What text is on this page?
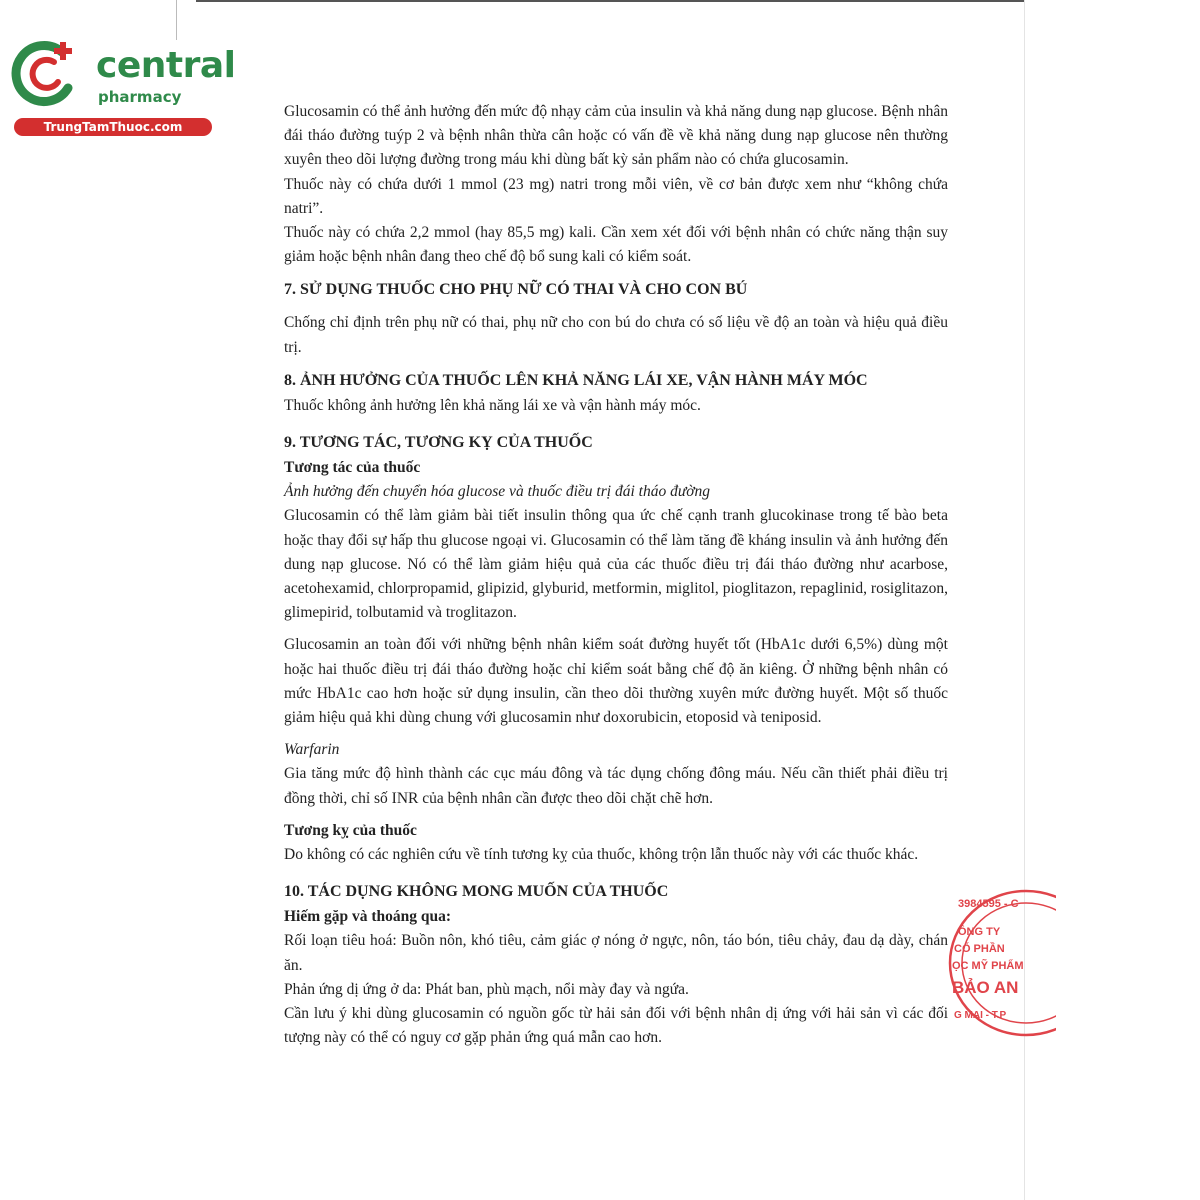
central
pharmacy
TrungTamThuoc.com

Glucosamin có thể ảnh hưởng đến mức độ nhạy cảm của insulin và khả năng dung nạp glucose. Bệnh nhân đái tháo đường tuýp 2 và bệnh nhân thừa cân hoặc có vấn đề về khả năng dung nạp glucose nên thường xuyên theo dõi lượng đường trong máu khi dùng bất kỳ sản phẩm nào có chứa glucosamin.

Thuốc này có chứa dưới 1 mmol (23 mg) natri trong mỗi viên, về cơ bản được xem như “không chứa natri”.

Thuốc này có chứa 2,2 mmol (hay 85,5 mg) kali. Cần xem xét đối với bệnh nhân có chức năng thận suy giảm hoặc bệnh nhân đang theo chế độ bổ sung kali có kiểm soát.

7. SỬ DỤNG THUỐC CHO PHỤ NỮ CÓ THAI VÀ CHO CON BÚ

Chống chỉ định trên phụ nữ có thai, phụ nữ cho con bú do chưa có số liệu về độ an toàn và hiệu quả điều trị.

8. ẢNH HƯỞNG CỦA THUỐC LÊN KHẢ NĂNG LÁI XE, VẬN HÀNH MÁY MÓC

Thuốc không ảnh hưởng lên khả năng lái xe và vận hành máy móc.

9. TƯƠNG TÁC, TƯƠNG KỴ CỦA THUỐC

Tương tác của thuốc

Ảnh hưởng đến chuyển hóa glucose và thuốc điều trị đái tháo đường

Glucosamin có thể làm giảm bài tiết insulin thông qua ức chế cạnh tranh glucokinase trong tế bào beta hoặc thay đổi sự hấp thu glucose ngoại vi. Glucosamin có thể làm tăng đề kháng insulin và ảnh hưởng đến dung nạp glucose. Nó có thể làm giảm hiệu quả của các thuốc điều trị đái tháo đường như acarbose, acetohexamid, chlorpropamid, glipizid, glyburid, metformin, miglitol, pioglitazon, repaglinid, rosiglitazon, glimepirid, tolbutamid và troglitazon.

Glucosamin an toàn đối với những bệnh nhân kiểm soát đường huyết tốt (HbA1c dưới 6,5%) dùng một hoặc hai thuốc điều trị đái tháo đường hoặc chỉ kiểm soát bằng chế độ ăn kiêng. Ở những bệnh nhân có mức HbA1c cao hơn hoặc sử dụng insulin, cần theo dõi thường xuyên mức đường huyết. Một số thuốc giảm hiệu quả khi dùng chung với glucosamin như doxorubicin, etoposid và teniposid.

Warfarin

Gia tăng mức độ hình thành các cục máu đông và tác dụng chống đông máu. Nếu cần thiết phải điều trị đồng thời, chỉ số INR của bệnh nhân cần được theo dõi chặt chẽ hơn.

Tương kỵ của thuốc

Do không có các nghiên cứu về tính tương kỵ của thuốc, không trộn lẫn thuốc này với các thuốc khác.

10. TÁC DỤNG KHÔNG MONG MUỐN CỦA THUỐC

Hiếm gặp và thoáng qua:

Rối loạn tiêu hoá: Buồn nôn, khó tiêu, cảm giác ợ nóng ở ngực, nôn, táo bón, tiêu chảy, đau dạ dày, chán ăn.

Phản ứng dị ứng ở da: Phát ban, phù mạch, nổi mày đay và ngứa.

Cần lưu ý khi dùng glucosamin có nguồn gốc từ hải sản đối với bệnh nhân dị ứng với hải sản vì các đối tượng này có thể có nguy cơ gặp phản ứng quá mẫn cao hơn.

3984595 - C
ÔNG TY
CỔ PHẦN
ỌC MỸ PHẨM
BẢO AN
G MAI - T.P
